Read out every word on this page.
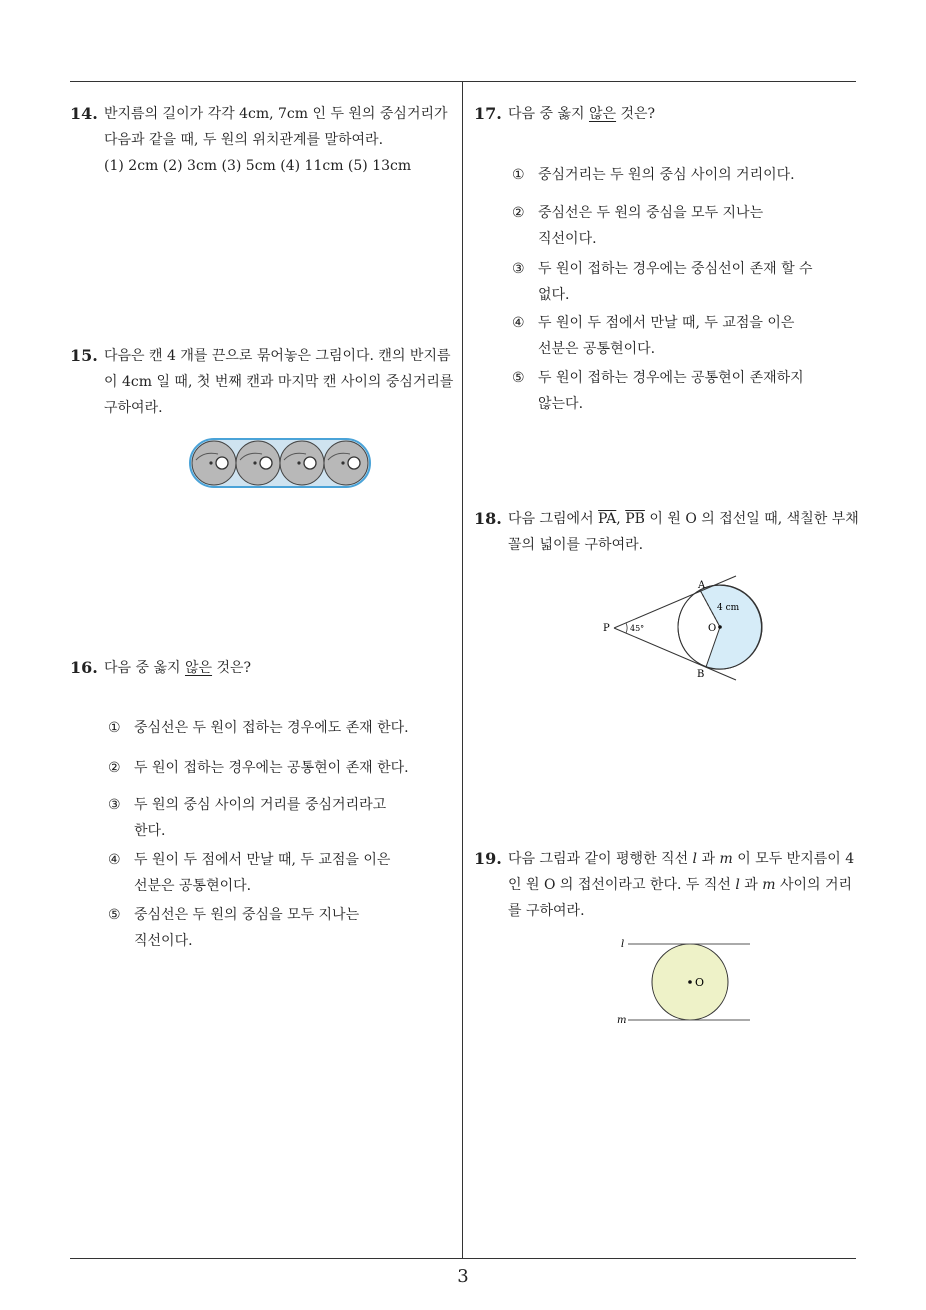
14. 반지름의 길이가 각각 4cm, 7cm 인 두 원의 중심거리가 다음과 같을 때, 두 원의 위치관계를 말하여라.
(1) 2cm (2) 3cm (3) 5cm (4) 11cm (5) 13cm
15. 다음은 캔 4 개를 끈으로 묶어놓은 그림이다. 캔의 반지름이 4cm 일 때, 첫 번째 캔과 마지막 캔 사이의 중심거리를 구하여라.
16. 다음 중 옳지 않은 것은?
① 중심선은 두 원이 접하는 경우에도 존재 한다.
② 두 원이 접하는 경우에는 공통현이 존재 한다.
③ 두 원의 중심 사이의 거리를 중심거리라고
한다.
④ 두 원이 두 점에서 만날 때, 두 교점을 이은
선분은 공통현이다.
⑤ 중심선은 두 원의 중심을 모두 지나는
직선이다.
17. 다음 중 옳지 않은 것은?
① 중심거리는 두 원의 중심 사이의 거리이다.
② 중심선은 두 원의 중심을 모두 지나는
직선이다.
③ 두 원이 접하는 경우에는 중심선이 존재 할 수
없다.
④ 두 원이 두 점에서 만날 때, 두 교점을 이은
선분은 공통현이다.
⑤ 두 원이 접하는 경우에는 공통현이 존재하지
않는다.
18. 다음 그림에서 $\overline{PA}$, $\overline{PB}$ 이 원 O 의 접선일 때, 색칠한 부채꼴의 넓이를 구하여라.
A
B
P	O
4 cm
45°
19. 다음 그림과 같이 평행한 직선 l 과 m 이 모두 반지름이 4 인 원 O 의 접선이라고 한다. 두 직선 l 과 m 사이의 거리를 구하여라.
l
m
O
3
